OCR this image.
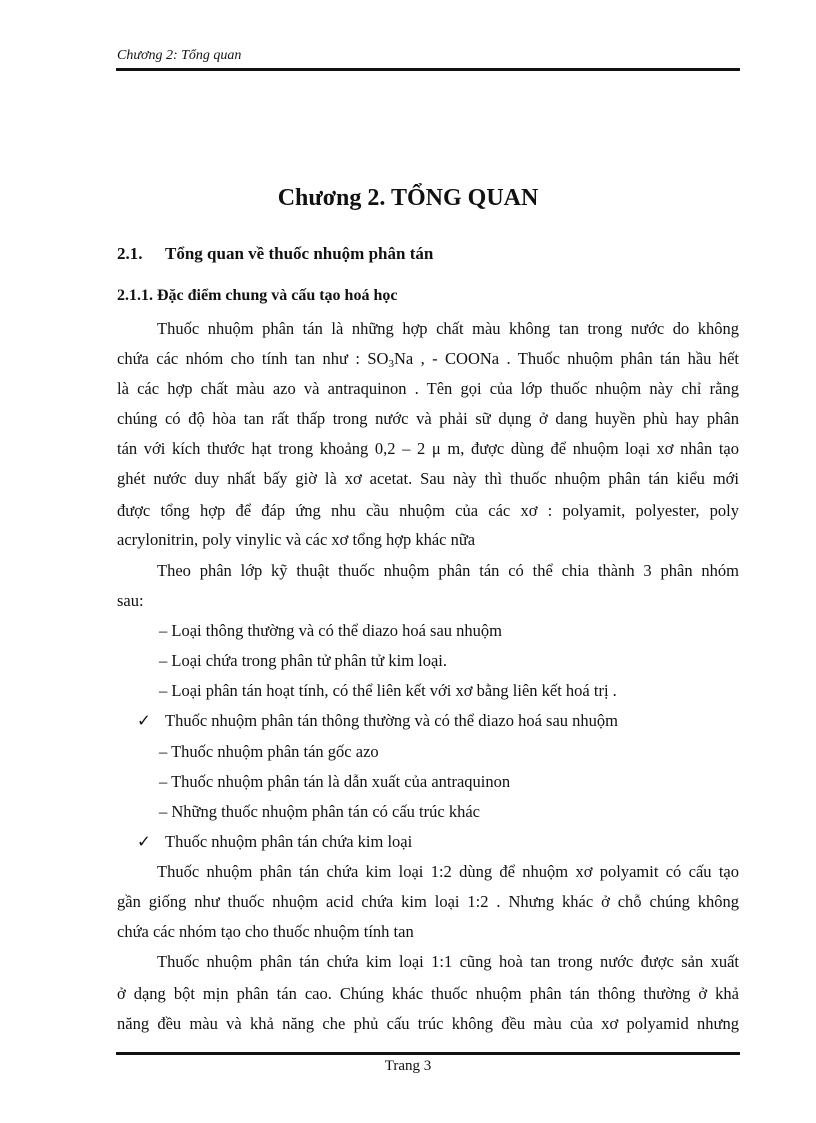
Chương 2: Tổng quan
Chương 2. TỔNG QUAN
2.1. Tổng quan về thuốc nhuộm phân tán
2.1.1. Đặc điểm chung và cấu tạo hoá học
Thuốc nhuộm phân tán là những hợp chất màu không tan trong nước do không
chứa các nhóm cho tính tan như : $SO_3Na$ , - COONa . Thuốc nhuộm phân tán hầu hết
là các hợp chất màu azo và antraquinon . Tên gọi của lớp thuốc nhuộm này chỉ rằng
chúng có độ hòa tan rất thấp trong nước và phải sữ dụng ở dang huyền phù hay phân
tán với kích thước hạt trong khoảng 0,2 – 2 μ m, được dùng để nhuộm loại xơ nhân tạo
ghét nước duy nhất bấy giờ là xơ acetat. Sau này thì thuốc nhuộm phân tán kiểu mới
được tổng hợp để đáp ứng nhu cầu nhuộm của các xơ : polyamit, polyester, poly
acrylonitrin, poly vinylic và các xơ tổng hợp khác nữa
Theo phân lớp kỹ thuật thuốc nhuộm phân tán có thể chia thành 3 phân nhóm
sau:
– Loại thông thường và có thể diazo hoá sau nhuộm
– Loại chứa trong phân tử phân tử kim loại.
– Loại phân tán hoạt tính, có thể liên kết với xơ bằng liên kết hoá trị .
✓ Thuốc nhuộm phân tán thông thường và có thể diazo hoá sau nhuộm
– Thuốc nhuộm phân tán gốc azo
– Thuốc nhuộm phân tán là dẫn xuất của antraquinon
– Những thuốc nhuộm phân tán có cấu trúc khác
✓ Thuốc nhuộm phân tán chứa kim loại
Thuốc nhuộm phân tán chứa kim loại 1:2 dùng để nhuộm xơ polyamit có cấu tạo
gần giống như thuốc nhuộm acid chứa kim loại 1:2 . Nhưng khác ở chỗ chúng không
chứa các nhóm tạo cho thuốc nhuộm tính tan
Thuốc nhuộm phân tán chứa kim loại 1:1 cũng hoà tan trong nước được sản xuất
ở dạng bột mịn phân tán cao. Chúng khác thuốc nhuộm phân tán thông thường ở khả
năng đều màu và khả năng che phủ cấu trúc không đều màu của xơ polyamid nhưng
Trang 3
